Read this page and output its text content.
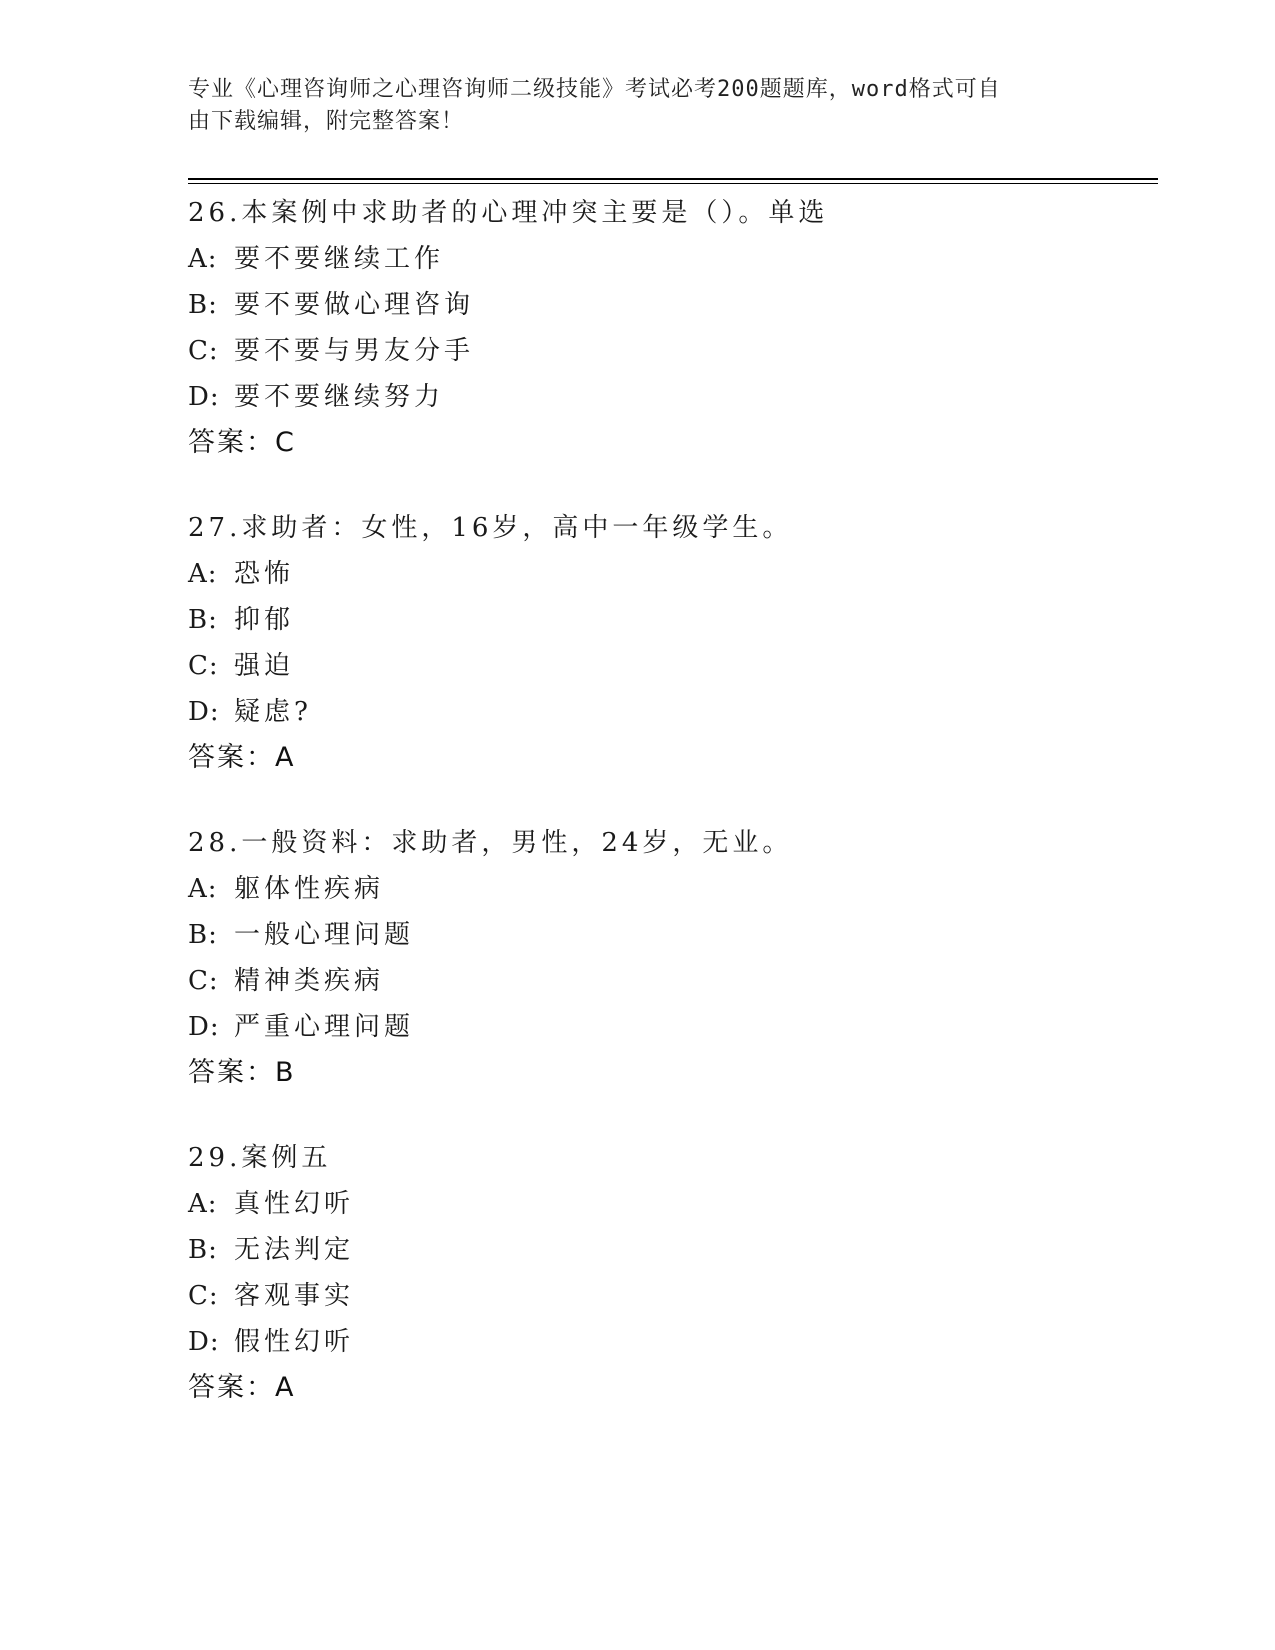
专业《心理咨询师之心理咨询师二级技能》考试必考200题题库，word格式可自
由下载编辑，附完整答案！
26.本案例中求助者的心理冲突主要是（）。单选
A: 要不要继续工作
B: 要不要做心理咨询
C: 要不要与男友分手
D: 要不要继续努力
答案：C
27.求助者：女性，16岁，高中一年级学生。
A: 恐怖
B: 抑郁
C: 强迫
D: 疑虑?
答案：A
28.一般资料：求助者，男性，24岁，无业。
A: 躯体性疾病
B: 一般心理问题
C: 精神类疾病
D: 严重心理问题
答案：B
29.案例五
A: 真性幻听
B: 无法判定
C: 客观事实
D: 假性幻听
答案：A
